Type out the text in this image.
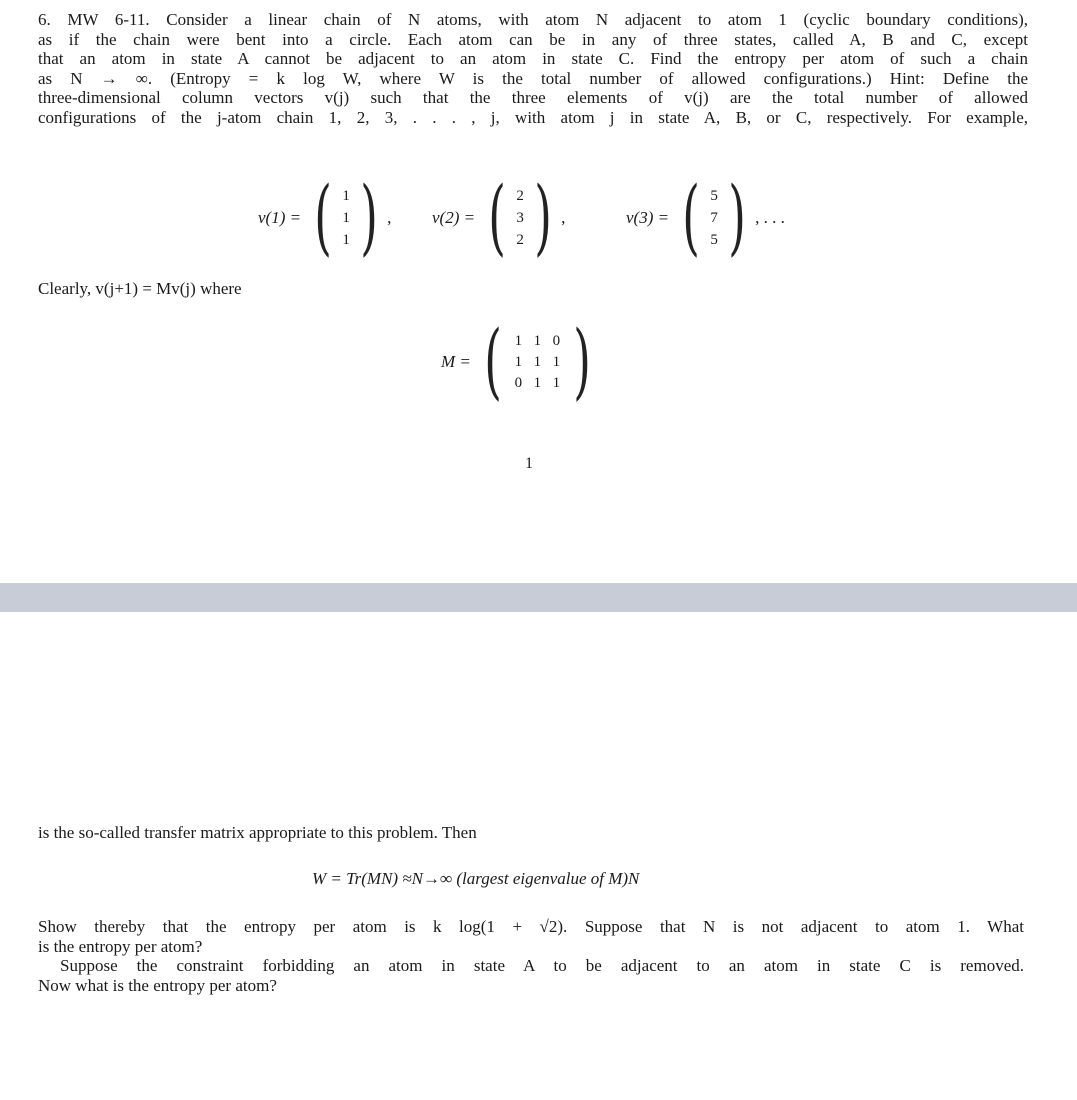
6. MW 6-11. Consider a linear chain of N atoms, with atom N adjacent to atom 1 (cyclic boundary conditions),
as if the chain were bent into a circle. Each atom can be in any of three states, called A, B and C, except
that an atom in state A cannot be adjacent to an atom in state C. Find the entropy per atom of such a chain
as N → ∞. (Entropy = k log W, where W is the total number of allowed configurations.) Hint: Define the
three-dimensional column vectors v(j) such that the three elements of v(j) are the total number of allowed
configurations of the j-atom chain 1, 2, 3, . . . , j, with atom j in state A, B, or C, respectively. For example,
v(1) = ( 1
1
1 ) , v(2) = ( 2
3
2 ) ,	v(3) = ( 5
7
5 ) , . . .
Clearly, v(j+1) = Mv(j) where
M = ( 1 1 0
1 1 1
0 1 1 )
1
is the so-called transfer matrix appropriate to this problem. Then
W = Tr(MN) ≈N→∞ (largest eigenvalue of M)N
Show thereby that the entropy per atom is k log(1 + √2). Suppose that N is not adjacent to atom 1. What
is the entropy per atom?
Suppose the constraint forbidding an atom in state A to be adjacent to an atom in state C is removed.
Now what is the entropy per atom?
